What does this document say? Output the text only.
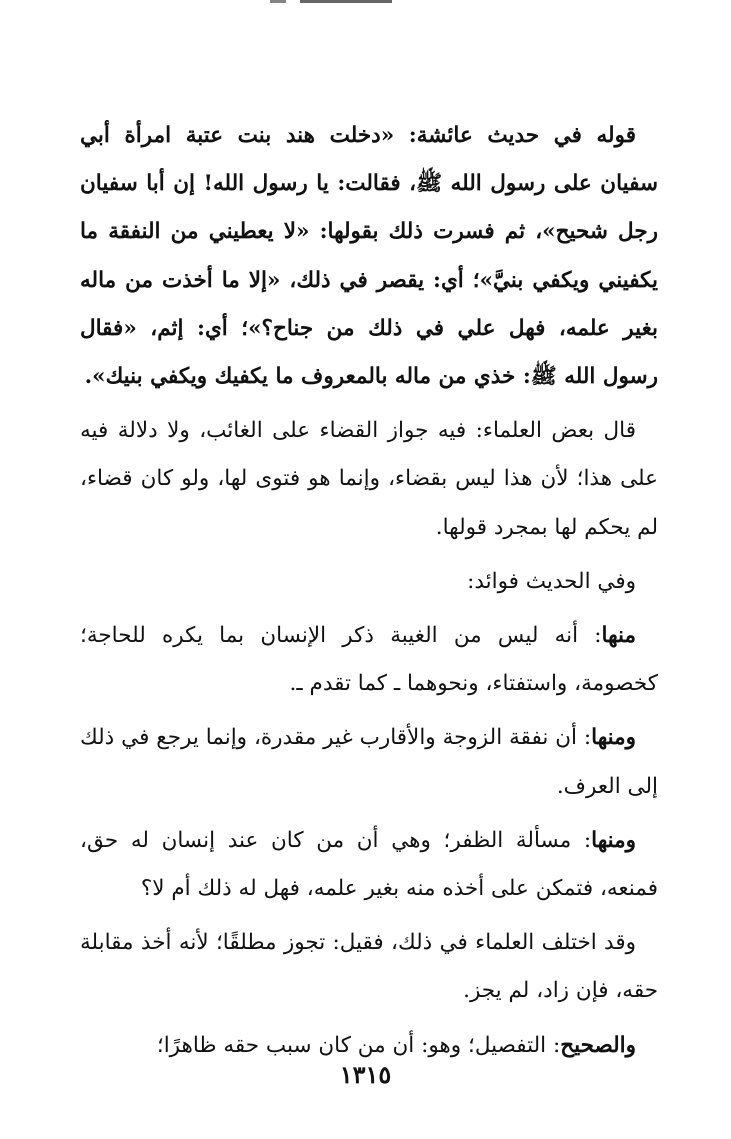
قوله في حديث عائشة: «دخلت هند بنت عتبة امرأة أبي سفيان على رسول الله ﷺ، فقالت: يا رسول الله! إن أبا سفيان رجل شحيح»، ثم فسرت ذلك بقولها: «لا يعطيني من النفقة ما يكفيني ويكفي بنيَّ»؛ أي: يقصر في ذلك، «إلا ما أخذت من ماله بغير علمه، فهل علي في ذلك من جناح؟»؛ أي: إثم، «فقال رسول الله ﷺ: خذي من ماله بالمعروف ما يكفيك ويكفي بنيك».

قال بعض العلماء: فيه جواز القضاء على الغائب، ولا دلالة فيه على هذا؛ لأن هذا ليس بقضاء، وإنما هو فتوى لها، ولو كان قضاء، لم يحكم لها بمجرد قولها.

وفي الحديث فوائد:

منها: أنه ليس من الغيبة ذكر الإنسان بما يكره للحاجة؛ كخصومة، واستفتاء، ونحوهما ـ كما تقدم ـ.

ومنها: أن نفقة الزوجة والأقارب غير مقدرة، وإنما يرجع في ذلك إلى العرف.

ومنها: مسألة الظفر؛ وهي أن من كان عند إنسان له حق، فمنعه، فتمكن على أخذه منه بغير علمه، فهل له ذلك أم لا؟

وقد اختلف العلماء في ذلك، فقيل: تجوز مطلقًا؛ لأنه أخذ مقابلة حقه، فإن زاد، لم يجز.

والصحيح: التفصيل؛ وهو: أن من كان سبب حقه ظاهرًا؛

١٣١٥
